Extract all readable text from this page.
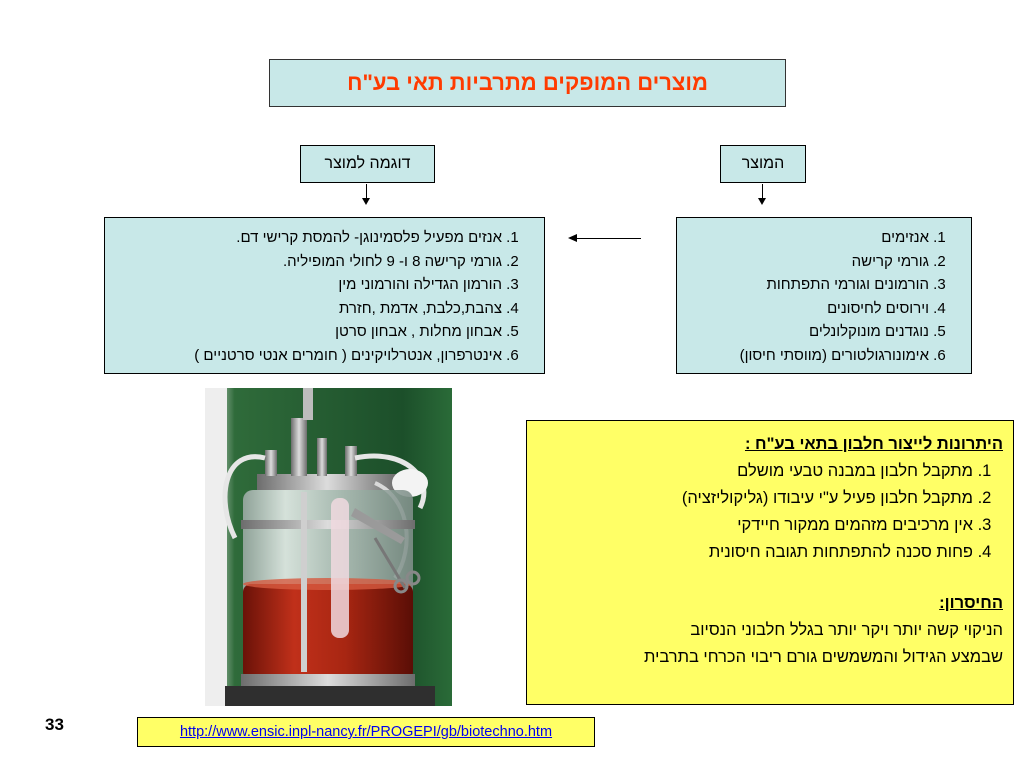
מוצרים המופקים מתרביות תאי בע"ח
דוגמה למוצר	המוצר
1. אנזים מפעיל פלסמינוגן- להמסת קרישי דם.
2. גורמי קרישה 8 ו- 9 לחולי המופיליה.
3. הורמון הגדילה והורמוני מין
4. צהבת,כלבת, אדמת ,חזרת
5. אבחון מחלות , אבחון סרטן
6. אינטרפרון, אנטרלויקינים ( חומרים אנטי סרטניים )
1. אנזימים
2. גורמי קרישה
3. הורמונים וגורמי התפתחות
4. וירוסים לחיסונים
5. נוגדנים מונוקלונלים
6. אימונורגולטורים (מווסתי חיסון)
היתרונות לייצור חלבון בתאי בע"ח :
1. מתקבל חלבון במבנה טבעי מושלם
2. מתקבל חלבון פעיל ע"י עיבודו (גליקוליזציה)
3. אין מרכיבים מזהמים ממקור חיידקי
4. פחות סכנה להתפתחות תגובה חיסונית
החיסרון:
הניקוי קשה יותר ויקר יותר בגלל חלבוני הנסיוב
שבמצע הגידול והמשמשים גורם ריבוי הכרחי בתרבית
33	http://www.ensic.inpl-nancy.fr/PROGEPI/gb/biotechno.htm
